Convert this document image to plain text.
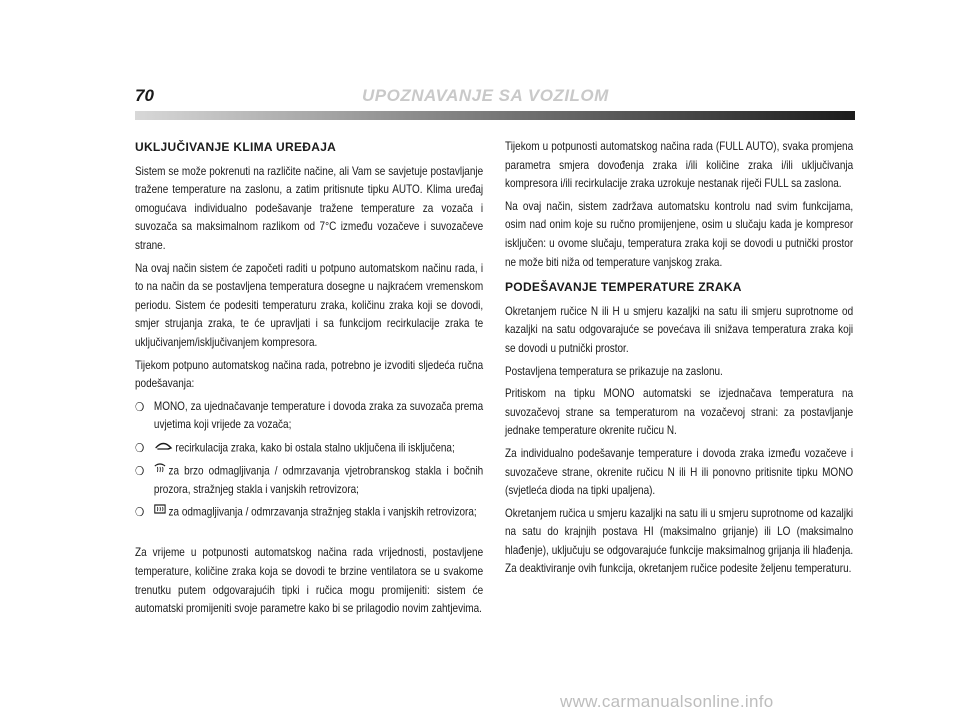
70	UPOZNAVANJE SA VOZILOM
UKLJUČIVANJE KLIMA UREĐAJA

Sistem se može pokrenuti na različite načine, ali Vam se savjetuje postavljanje tražene temperature na zaslonu, a zatim pritisnute tipku AUTO. Klima uređaj omogućava individualno podešavanje tražene temperature za vozača i suvozača sa maksimalnom razlikom od 7°C između vozačeve i suvozačeve strane.

Na ovaj način sistem će započeti raditi u potpuno automatskom načinu rada, i to na način da se postavljena temperatura dosegne u najkraćem vremenskom periodu. Sistem će podesiti temperaturu zraka, količinu zraka koji se dovodi, smjer strujanja zraka, te će upravljati i sa funkcijom recirkulacije zraka te uključivanjem/isključivanjem kompresora.

Tijekom potpuno automatskog načina rada, potrebno je izvoditi sljedeća ručna podešavanja:

❍ MONO, za ujednačavanje temperature i dovoda zraka za suvozača prema uvjetima koji vrijede za vozača;

❍	recirkulacija zraka, kako bi ostala stalno uključena ili isključena;

❍	za brzo odmagljivanja / odmrzavanja vjetrobranskog stakla i bočnih prozora, stražnjeg stakla i vanjskih retrovizora;

❍	za odmagljivanja / odmrzavanja stražnjeg stakla i vanjskih retrovizora;

Za vrijeme u potpunosti automatskog načina rada vrijednosti, postavljene temperature, količine zraka koja se dovodi te brzine ventilatora se u svakome trenutku putem odgovarajućih tipki i ručica mogu promijeniti: sistem će automatski promijeniti svoje parametre kako bi se prilagodio novim zahtjevima.

Tijekom u potpunosti automatskog načina rada (FULL AUTO), svaka promjena parametra smjera dovođenja zraka i/ili količine zraka i/ili uključivanja kompresora i/ili recirkulacije zraka uzrokuje nestanak riječi FULL sa zaslona.

Na ovaj način, sistem zadržava automatsku kontrolu nad svim funkcijama, osim nad onim koje su ručno promijenjene, osim u slučaju kada je kompresor isključen: u ovome slučaju, temperatura zraka koji se dovodi u putnički prostor ne može biti niža od temperature vanjskog zraka.

PODEŠAVANJE TEMPERATURE ZRAKA

Okretanjem ručice N ili H u smjeru kazaljki na satu ili smjeru suprotnome od kazaljki na satu odgovarajuće se povećava ili snižava temperatura zraka koji se dovodi u putnički prostor.

Postavljena temperatura se prikazuje na zaslonu.

Pritiskom na tipku MONO automatski se izjednačava temperatura na suvozačevoj strane sa temperaturom na vozačevoj strani: za postavljanje jednake temperature okrenite ručicu N.

Za individualno podešavanje temperature i dovoda zraka između vozačeve i suvozačeve strane, okrenite ručicu N ili H ili ponovno pritisnite tipku MONO (svjetleća dioda na tipki upaljena).

Okretanjem ručica u smjeru kazaljki na satu ili u smjeru suprotnome od kazaljki na satu do krajnjih postava HI (maksimalno grijanje) ili LO (maksimalno hlađenje), uključuju se odgovarajuće funkcije maksimalnog grijanja ili hlađenja. Za deaktiviranje ovih funkcija, okretanjem ručice podesite željenu temperaturu.

www.carmanualsonline.info
